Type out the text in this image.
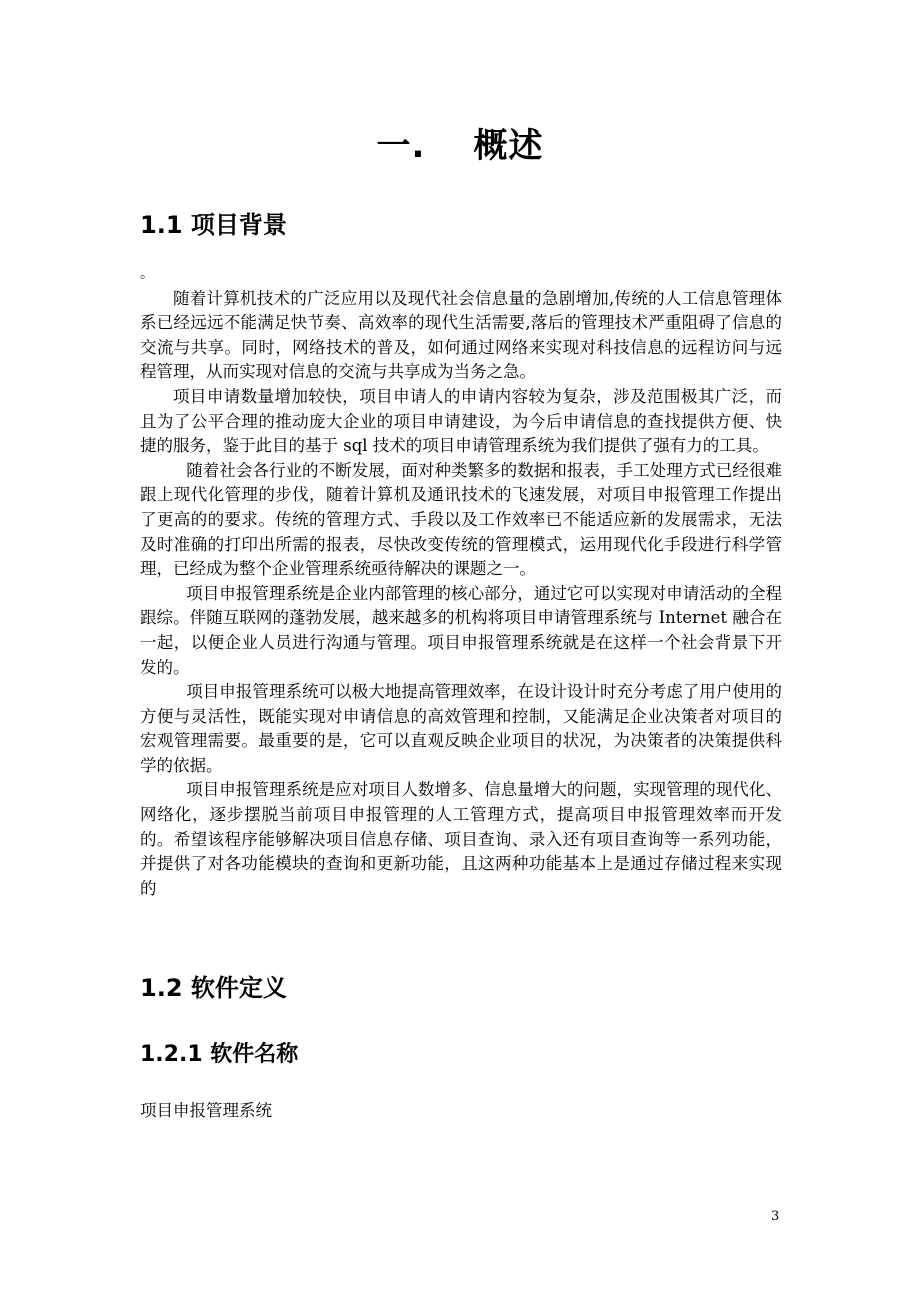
一. 概述
1.1 项目背景

。

随着计算机技术的广泛应用以及现代社会信息量的急剧增加,传统的人工信息管理体系已经远远不能满足快节奏、高效率的现代生活需要,落后的管理技术严重阻碍了信息的交流与共享。同时，网络技术的普及，如何通过网络来实现对科技信息的远程访问与远程管理，从而实现对信息的交流与共享成为当务之急。

项目申请数量增加较快，项目申请人的申请内容较为复杂，涉及范围极其广泛，而且为了公平合理的推动庞大企业的项目申请建设，为今后申请信息的查找提供方便、快捷的服务，鉴于此目的基于 sql 技术的项目申请管理系统为我们提供了强有力的工具。

随着社会各行业的不断发展，面对种类繁多的数据和报表，手工处理方式已经很难跟上现代化管理的步伐，随着计算机及通讯技术的飞速发展，对项目申报管理工作提出了更高的的要求。传统的管理方式、手段以及工作效率已不能适应新的发展需求，无法及时准确的打印出所需的报表，尽快改变传统的管理模式，运用现代化手段进行科学管理，已经成为整个企业管理系统亟待解决的课题之一。

项目申报管理系统是企业内部管理的核心部分，通过它可以实现对申请活动的全程跟综。伴随互联网的蓬勃发展，越来越多的机构将项目申请管理系统与 Internet 融合在一起，以便企业人员进行沟通与管理。项目申报管理系统就是在这样一个社会背景下开发的。

项目申报管理系统可以极大地提高管理效率，在设计设计时充分考虑了用户使用的方便与灵活性，既能实现对申请信息的高效管理和控制，又能满足企业决策者对项目的宏观管理需要。最重要的是，它可以直观反映企业项目的状况，为决策者的决策提供科学的依据。

项目申报管理系统是应对项目人数增多、信息量增大的问题，实现管理的现代化、网络化，逐步摆脱当前项目申报管理的人工管理方式，提高项目申报管理效率而开发的。希望该程序能够解决项目信息存储、项目查询、录入还有项目查询等一系列功能，并提供了对各功能模块的查询和更新功能，且这两种功能基本上是通过存储过程来实现的

1.2 软件定义
1.2.1 软件名称

项目申报管理系统

3
